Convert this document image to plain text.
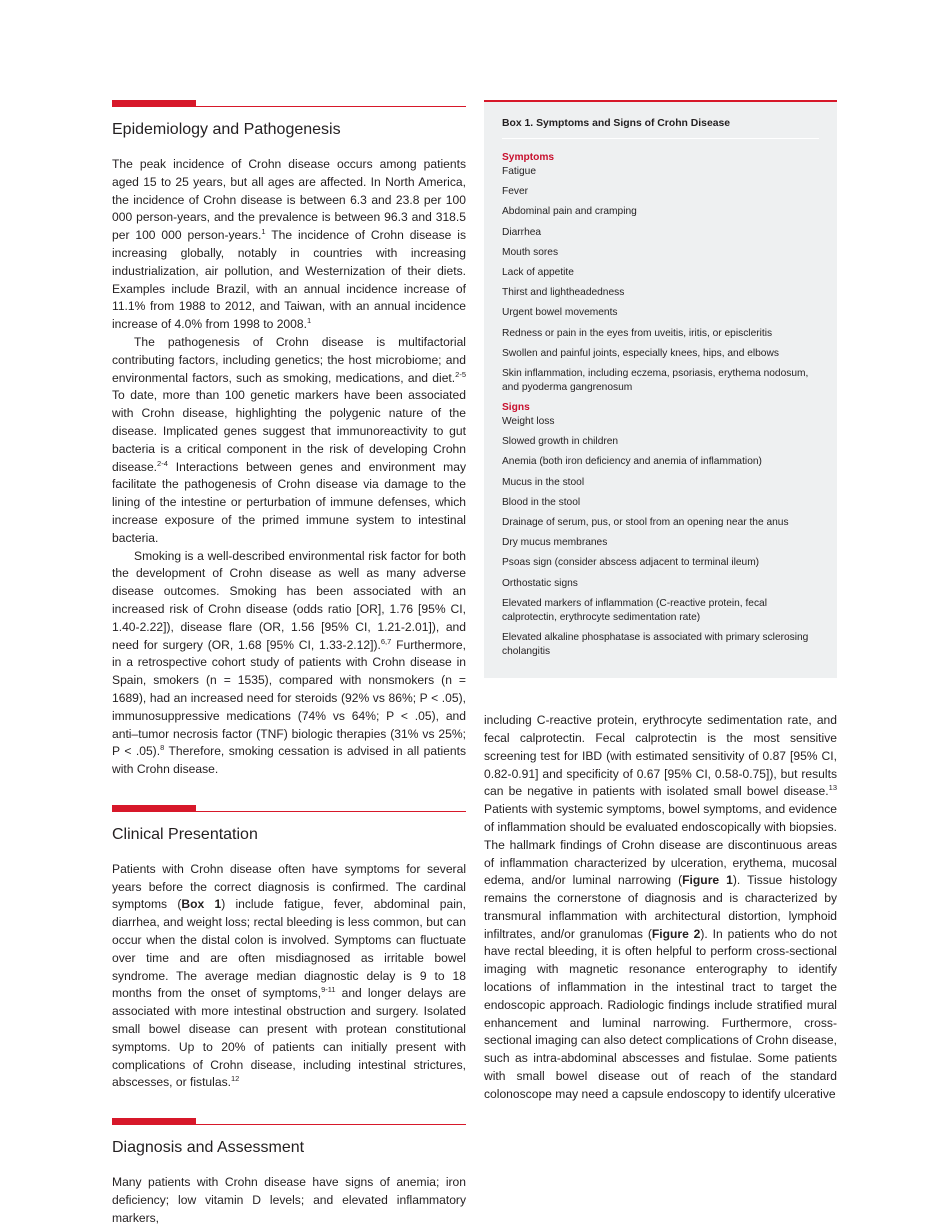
Epidemiology and Pathogenesis

The peak incidence of Crohn disease occurs among patients aged 15 to 25 years, but all ages are affected. In North America, the incidence of Crohn disease is between 6.3 and 23.8 per 100 000 person-years, and the prevalence is between 96.3 and 318.5 per 100 000 person-years.$^1$ The incidence of Crohn disease is increasing globally, notably in countries with increasing industrialization, air pollution, and Westernization of their diets. Examples include Brazil, with an annual incidence increase of 11.1% from 1988 to 2012, and Taiwan, with an annual incidence increase of 4.0% from 1998 to 2008.$^1$

The pathogenesis of Crohn disease is multifactorial contributing factors, including genetics; the host microbiome; and environmental factors, such as smoking, medications, and diet.$^{2-5}$ To date, more than 100 genetic markers have been associated with Crohn disease, highlighting the polygenic nature of the disease. Implicated genes suggest that immunoreactivity to gut bacteria is a critical component in the risk of developing Crohn disease.$^{2-4}$ Interactions between genes and environment may facilitate the pathogenesis of Crohn disease via damage to the lining of the intestine or perturbation of immune defenses, which increase exposure of the primed immune system to intestinal bacteria.

Smoking is a well-described environmental risk factor for both the development of Crohn disease as well as many adverse disease outcomes. Smoking has been associated with an increased risk of Crohn disease (odds ratio [OR], 1.76 [95% CI, 1.40-2.22]), disease flare (OR, 1.56 [95% CI, 1.21-2.01]), and need for surgery (OR, 1.68 [95% CI, 1.33-2.12]).$^{6,7}$ Furthermore, in a retrospective cohort study of patients with Crohn disease in Spain, smokers (n = 1535), compared with nonsmokers (n = 1689), had an increased need for steroids (92% vs 86%; P < .05), immunosuppressive medications (74% vs 64%; P < .05), and anti–tumor necrosis factor (TNF) biologic therapies (31% vs 25%; P < .05).$^8$ Therefore, smoking cessation is advised in all patients with Crohn disease.

Clinical Presentation

Patients with Crohn disease often have symptoms for several years before the correct diagnosis is confirmed. The cardinal symptoms (Box 1) include fatigue, fever, abdominal pain, diarrhea, and weight loss; rectal bleeding is less common, but can occur when the distal colon is involved. Symptoms can fluctuate over time and are often misdiagnosed as irritable bowel syndrome. The average median diagnostic delay is 9 to 18 months from the onset of symptoms,$^{9-11}$ and longer delays are associated with more intestinal obstruction and surgery. Isolated small bowel disease can present with protean constitutional symptoms. Up to 20% of patients can initially present with complications of Crohn disease, including intestinal strictures, abscesses, or fistulas.$^{12}$

Diagnosis and Assessment

Many patients with Crohn disease have signs of anemia; iron deficiency; low vitamin D levels; and elevated inflammatory markers,

Box 1. Symptoms and Signs of Crohn Disease
Symptoms
Fatigue
Fever
Abdominal pain and cramping
Diarrhea
Mouth sores
Lack of appetite
Thirst and lightheadedness
Urgent bowel movements
Redness or pain in the eyes from uveitis, iritis, or episcleritis
Swollen and painful joints, especially knees, hips, and elbows
Skin inflammation, including eczema, psoriasis, erythema nodosum, and pyoderma gangrenosum
Signs
Weight loss
Slowed growth in children
Anemia (both iron deficiency and anemia of inflammation)
Mucus in the stool
Blood in the stool
Drainage of serum, pus, or stool from an opening near the anus
Dry mucus membranes
Psoas sign (consider abscess adjacent to terminal ileum)
Orthostatic signs
Elevated markers of inflammation (C-reactive protein, fecal calprotectin, erythrocyte sedimentation rate)
Elevated alkaline phosphatase is associated with primary sclerosing cholangitis

including C-reactive protein, erythrocyte sedimentation rate, and fecal calprotectin. Fecal calprotectin is the most sensitive screening test for IBD (with estimated sensitivity of 0.87 [95% CI, 0.82-0.91] and specificity of 0.67 [95% CI, 0.58-0.75]), but results can be negative in patients with isolated small bowel disease.$^{13}$ Patients with systemic symptoms, bowel symptoms, and evidence of inflammation should be evaluated endoscopically with biopsies. The hallmark findings of Crohn disease are discontinuous areas of inflammation characterized by ulceration, erythema, mucosal edema, and/or luminal narrowing (Figure 1). Tissue histology remains the cornerstone of diagnosis and is characterized by transmural inflammation with architectural distortion, lymphoid infiltrates, and/or granulomas (Figure 2). In patients who do not have rectal bleeding, it is often helpful to perform cross-sectional imaging with magnetic resonance enterography to identify locations of inflammation in the intestinal tract to target the endoscopic approach. Radiologic findings include stratified mural enhancement and luminal narrowing. Furthermore, cross-sectional imaging can also detect complications of Crohn disease, such as intra-abdominal abscesses and fistulae. Some patients with small bowel disease out of reach of the standard colonoscope may need a capsule endoscopy to identify ulcerative
